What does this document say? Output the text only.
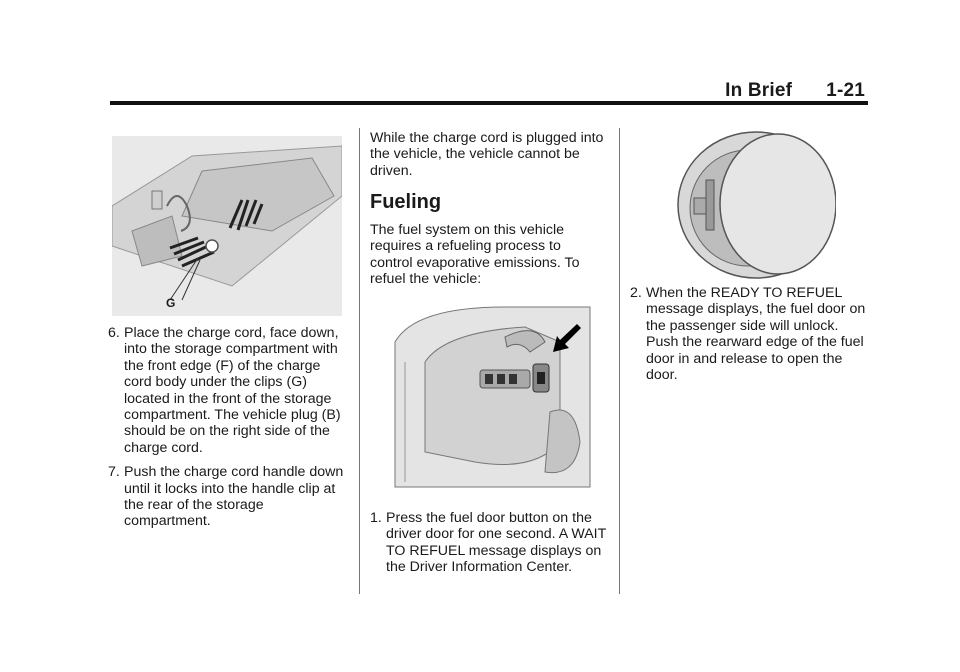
In Brief 1-21
G
6. Place the charge cord, face down, into the storage compartment with the front edge (F) of the charge cord body under the clips (G) located in the front of the storage compartment. The vehicle plug (B) should be on the right side of the charge cord.
7. Push the charge cord handle down until it locks into the handle clip at the rear of the storage compartment.

While the charge cord is plugged into the vehicle, the vehicle cannot be driven.

Fueling

The fuel system on this vehicle requires a refueling process to control evaporative emissions. To refuel the vehicle:

1. Press the fuel door button on the driver door for one second. A WAIT TO REFUEL message displays on the Driver Information Center.
2. When the READY TO REFUEL message displays, the fuel door on the passenger side will unlock. Push the rearward edge of the fuel door in and release to open the door.
